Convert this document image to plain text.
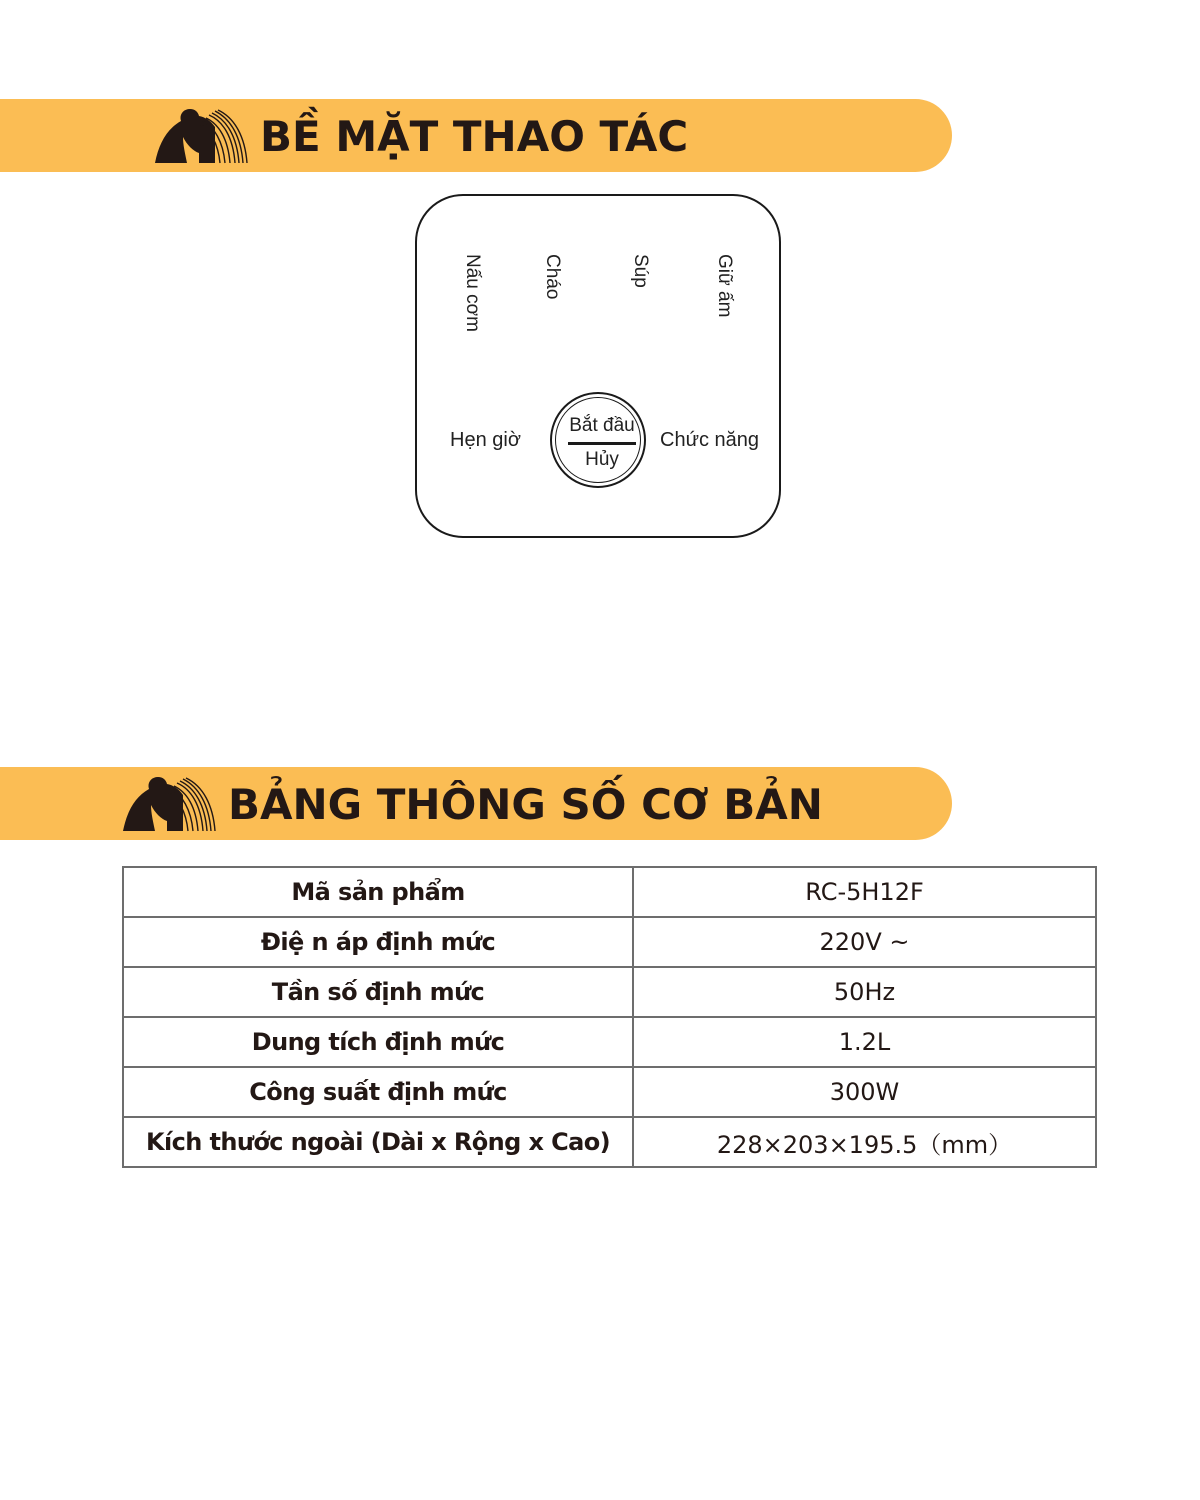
BỀ MẶT THAO TÁC
Nấu cơm	Cháo	Súp	Giữ ấm
Hẹn giờ
Bắt đầu
Hủy
Chức năng
BẢNG THÔNG SỐ CƠ BẢN
Mã sản phẩm	RC-5H12F
Điệ n áp định mức	220V ~
Tần số định mức	50Hz
Dung tích định mức	1.2L
Công suất định mức	300W
Kích thước ngoài (Dài x Rộng x Cao)	228×203×195.5（mm）
